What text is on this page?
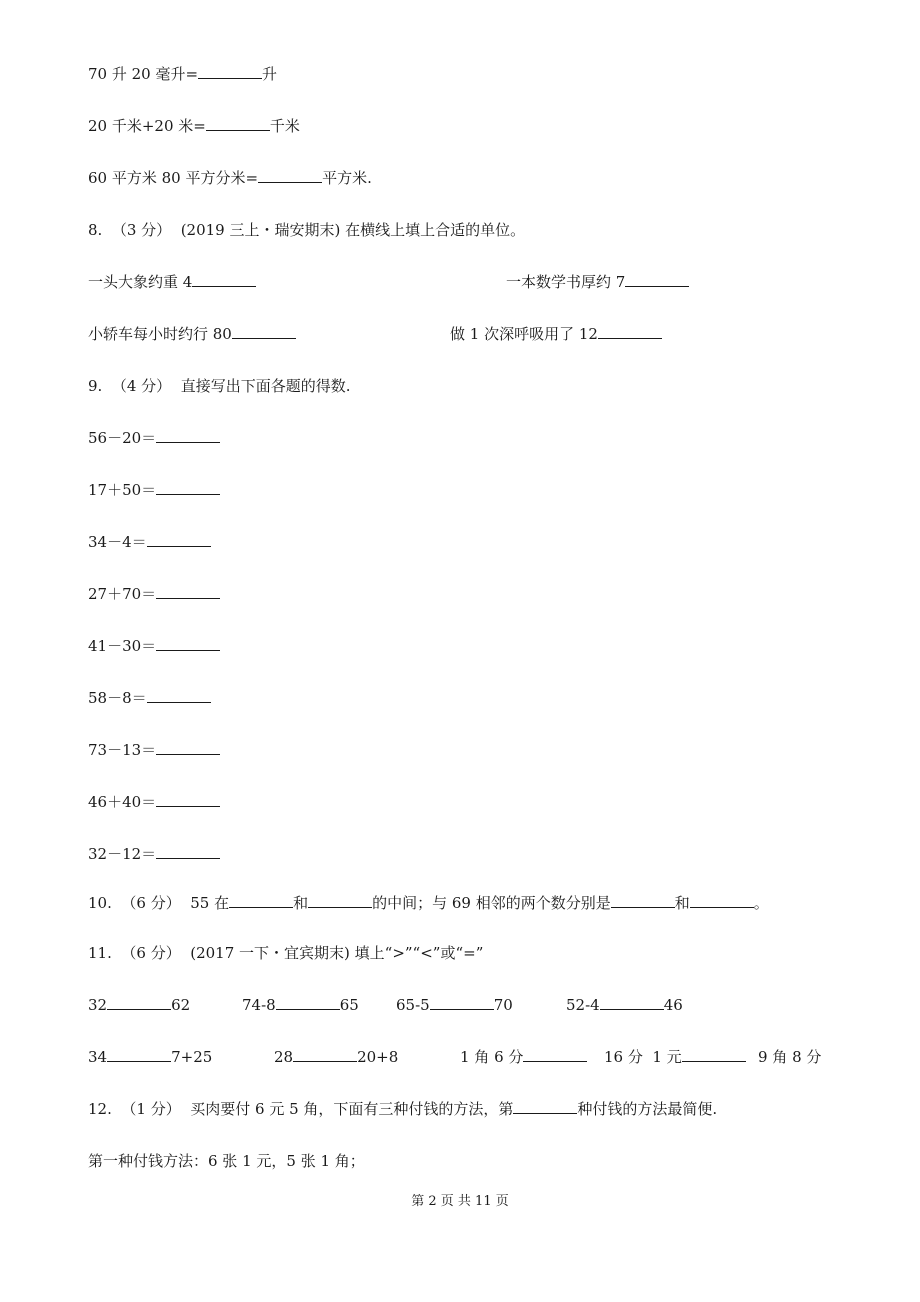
70 升 20 毫升=	升
20 千米+20 米=	千米
60 平方米 80 平方分米=	平方米.
8.  （3 分）  (2019 三上・瑞安期末) 在横线上填上合适的单位。
一头大象约重 4	一本数学书厚约 7
小轿车每小时约行 80	做 1 次深呼吸用了 12
9.  （4 分）  直接写出下面各题的得数.
56－20＝
17＋50＝
34－4＝
27＋70＝
41－30＝
58－8＝
73－13＝
46＋40＝
32－12＝
10.  （6 分）  55 在	和	的中间；与 69 相邻的两个数分别是	和	。
11.  （6 分）  (2017 一下・宜宾期末) 填上“>”“<”或“=”
32	62	74-8	65 65-5	70	52-4	46
34	7+25	28	20+8	1 角 6 分	16 分  1 元	9 角 8 分
12.  （1 分）  买肉要付 6 元 5 角，下面有三种付钱的方法，第	种付钱的方法最简便.
第一种付钱方法：6 张 1 元，5 张 1 角；
第 2 页 共 11 页
